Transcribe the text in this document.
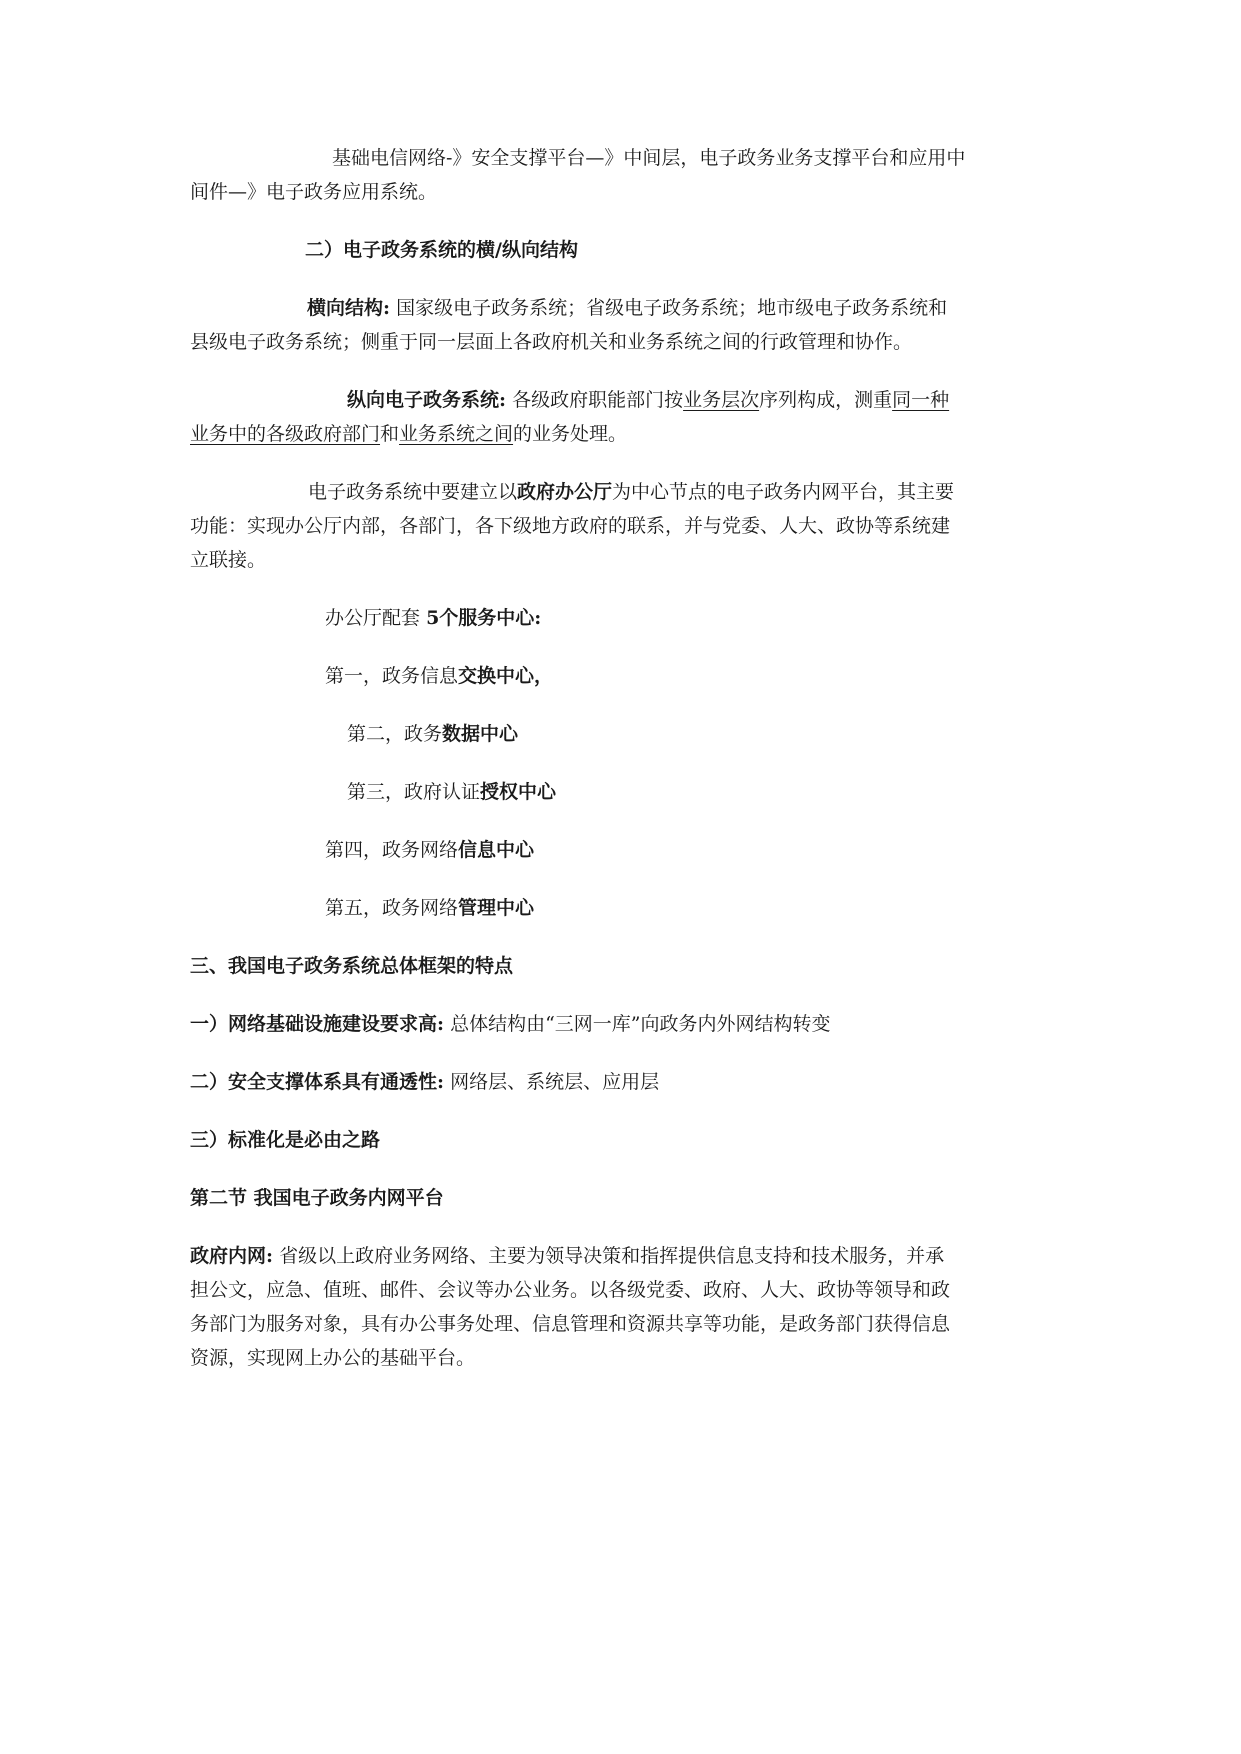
基础电信网络-》安全支撑平台—》中间层，电子政务业务支撑平台和应用中
间件—》电子政务应用系统。
二）电子政务系统的横/纵向结构
横向结构: 国家级电子政务系统；省级电子政务系统；地市级电子政务系统和
县级电子政务系统；侧重于同一层面上各政府机关和业务系统之间的行政管理和协作。
纵向电子政务系统: 各级政府职能部门按业务层次序列构成，测重同一种
业务中的各级政府部门和业务系统之间的业务处理。
电子政务系统中要建立以政府办公厅为中心节点的电子政务内网平台，其主要
功能：实现办公厅内部，各部门，各下级地方政府的联系，并与党委、人大、政协等系统建
立联接。
办公厅配套 5个服务中心:
第一，政务信息交换中心，
第二，政务数据中心
第三，政府认证授权中心
第四，政务网络信息中心
第五，政务网络管理中心
三、我国电子政务系统总体框架的特点
一）网络基础设施建设要求高: 总体结构由“三网一库”向政务内外网结构转变
二）安全支撑体系具有通透性: 网络层、系统层、应用层
三）标准化是必由之路
第二节 我国电子政务内网平台
政府内网: 省级以上政府业务网络、主要为领导决策和指挥提供信息支持和技术服务，并承
担公文，应急、值班、邮件、会议等办公业务。以各级党委、政府、人大、政协等领导和政
务部门为服务对象，具有办公事务处理、信息管理和资源共享等功能，是政务部门获得信息
资源，实现网上办公的基础平台。
